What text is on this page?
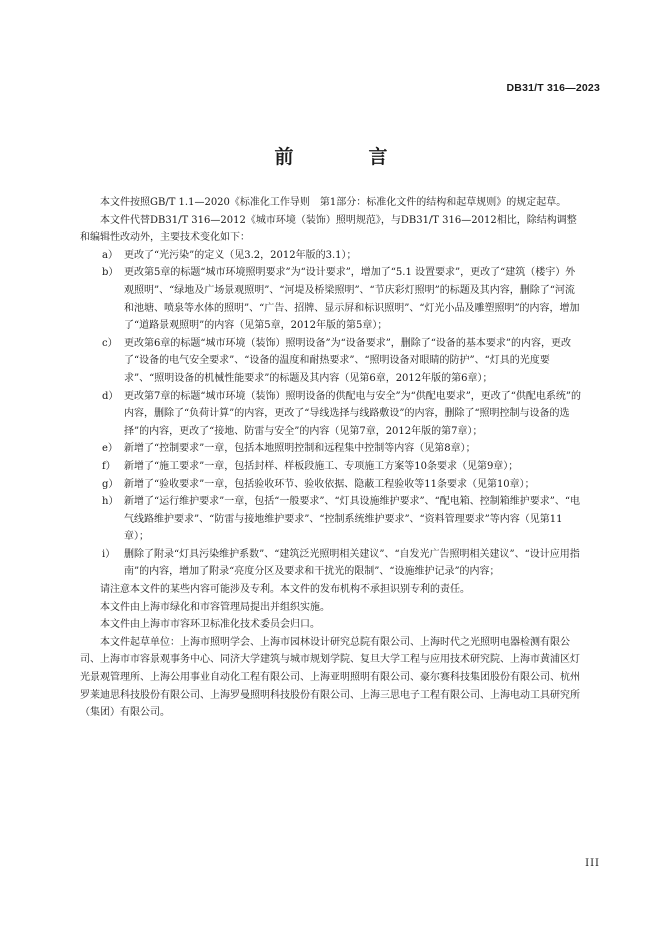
DB31/T 316—2023
前　言

本文件按照GB/T 1.1—2020《标准化工作导则　第1部分：标准化文件的结构和起草规则》的规定起草。

本文件代替DB31/T 316—2012《城市环境（装饰）照明规范》，与DB31/T 316—2012相比，除结构调整和编辑性改动外，主要技术变化如下：

a） 更改了“光污染”的定义（见3.2，2012年版的3.1）；
b） 更改第5章的标题“城市环境照明要求”为“设计要求”，增加了“5.1 设置要求”，更改了“建筑（楼宇）外观照明”、“绿地及广场景观照明”、“河堤及桥梁照明”、“节庆彩灯照明”的标题及其内容，删除了“河流和池塘、喷泉等水体的照明”、“广告、招牌、显示屏和标识照明”、“灯光小品及雕塑照明”的内容，增加了“道路景观照明”的内容（见第5章，2012年版的第5章）；
c） 更改第6章的标题“城市环境（装饰）照明设备”为“设备要求”，删除了“设备的基本要求”的内容，更改了“设备的电气安全要求”、“设备的温度和耐热要求”、“照明设备对眼睛的防护”、“灯具的光度要求”、“照明设备的机械性能要求”的标题及其内容（见第6章，2012年版的第6章）；
d） 更改第7章的标题“城市环境（装饰）照明设备的供配电与安全”为“供配电要求”，更改了“供配电系统”的内容，删除了“负荷计算”的内容，更改了“导线选择与线路敷设”的内容，删除了“照明控制与设备的选择”的内容，更改了“接地、防雷与安全”的内容（见第7章，2012年版的第7章）；
e） 新增了“控制要求”一章，包括本地照明控制和远程集中控制等内容（见第8章）；
f） 新增了“施工要求”一章，包括封样、样板段施工、专项施工方案等10条要求（见第9章）；
g） 新增了“验收要求”一章，包括验收环节、验收依据、隐蔽工程验收等11条要求（见第10章）；
h） 新增了“运行维护要求”一章，包括“一般要求”、“灯具设施维护要求”、“配电箱、控制箱维护要求”、“电气线路维护要求”、“防雷与接地维护要求”、“控制系统维护要求”、“资料管理要求”等内容（见第11章）；
i） 删除了附录“灯具污染维护系数”、“建筑泛光照明相关建议”、“自发光广告照明相关建议”、“设计应用指南”的内容，增加了附录“亮度分区及要求和干扰光的限制”、“设施维护记录”的内容；

请注意本文件的某些内容可能涉及专利。本文件的发布机构不承担识别专利的责任。

本文件由上海市绿化和市容管理局提出并组织实施。

本文件由上海市市容环卫标准化技术委员会归口。

本文件起草单位：上海市照明学会、上海市园林设计研究总院有限公司、上海时代之光照明电器检测有限公司、上海市市容景观事务中心、同济大学建筑与城市规划学院、复旦大学工程与应用技术研究院、上海市黄浦区灯光景观管理所、上海公用事业自动化工程有限公司、上海亚明照明有限公司、豪尔赛科技集团股份有限公司、杭州罗莱迪思科技股份有限公司、上海罗曼照明科技股份有限公司、上海三思电子工程有限公司、上海电动工具研究所（集团）有限公司。

III
